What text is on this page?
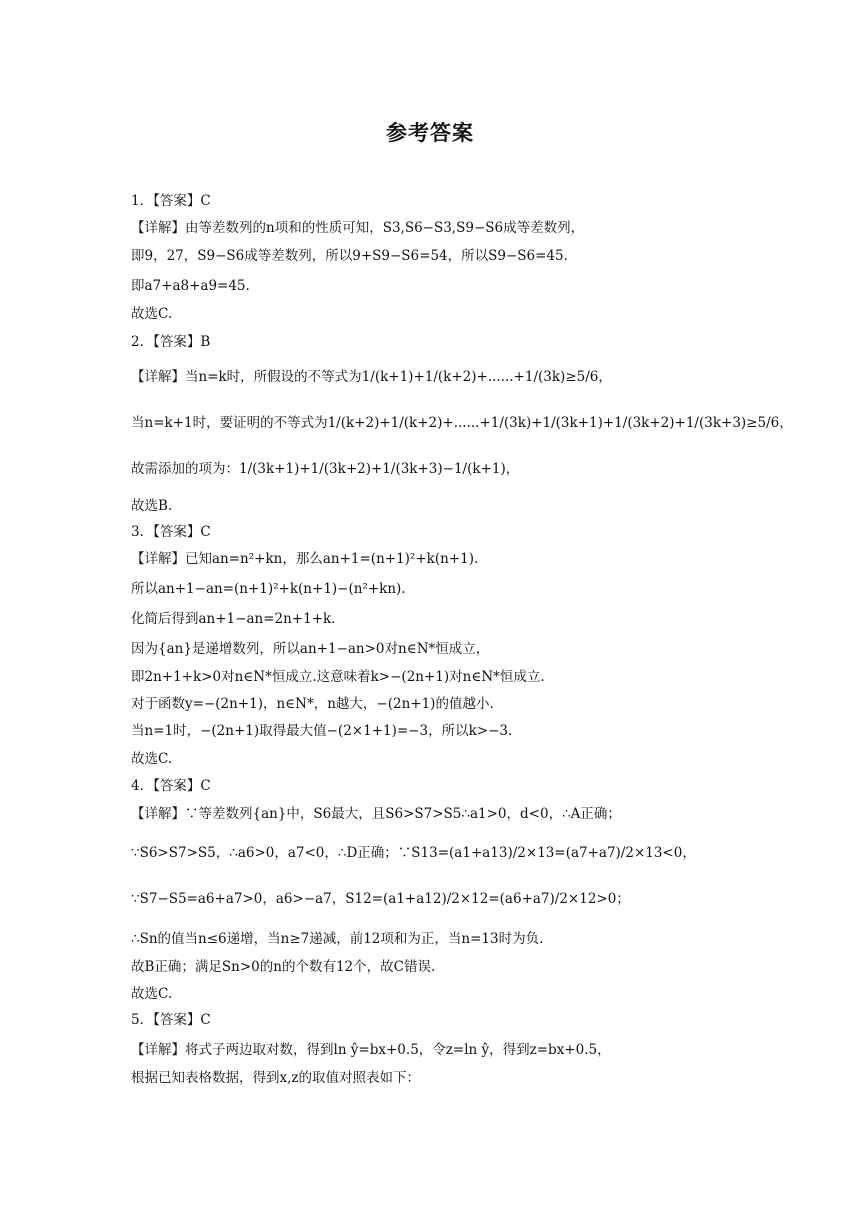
参考答案
1．【答案】C
【详解】由等差数列的n项和的性质可知，S3,S6−S3,S9−S6成等差数列，
即9，27，S9−S6成等差数列，所以9+S9−S6=54，所以S9−S6=45.
即a7+a8+a9=45.
故选C.
2．【答案】B
【详解】当n=k时，所假设的不等式为1/(k+1)+1/(k+2)+......+1/(3k)≥5/6，
当n=k+1时，要证明的不等式为1/(k+2)+1/(k+2)+......+1/(3k)+1/(3k+1)+1/(3k+2)+1/(3k+3)≥5/6，
故需添加的项为：1/(3k+1)+1/(3k+2)+1/(3k+3)−1/(k+1)，
故选B.
3．【答案】C
【详解】已知an=n²+kn，那么an+1=(n+1)²+k(n+1).
所以an+1−an=(n+1)²+k(n+1)−(n²+kn).
化简后得到an+1−an=2n+1+k.
因为{an}是递增数列，所以an+1−an>0对n∈N*恒成立，
即2n+1+k>0对n∈N*恒成立.这意味着k>−(2n+1)对n∈N*恒成立.
对于函数y=−(2n+1)，n∈N*，n越大，−(2n+1)的值越小.
当n=1时，−(2n+1)取得最大值−(2×1+1)=−3，所以k>−3.
故选C.
4．【答案】C
【详解】∵等差数列{an}中，S6最大，且S6>S7>S5∴a1>0，d<0，∴A正确；
∵S6>S7>S5，∴a6>0，a7<0，∴D正确；∵S13=(a1+a13)/2×13=(a7+a7)/2×13<0，
∵S7−S5=a6+a7>0，a6>−a7，S12=(a1+a12)/2×12=(a6+a7)/2×12>0；
∴Sn的值当n≤6递增，当n≥7递减，前12项和为正，当n=13时为负.
故B正确；满足Sn>0的n的个数有12个，故C错误.
故选C.
5．【答案】C
【详解】将式子两边取对数，得到ln ŷ=bx+0.5，令z=ln ŷ，得到z=bx+0.5，
根据已知表格数据，得到x,z的取值对照表如下：
